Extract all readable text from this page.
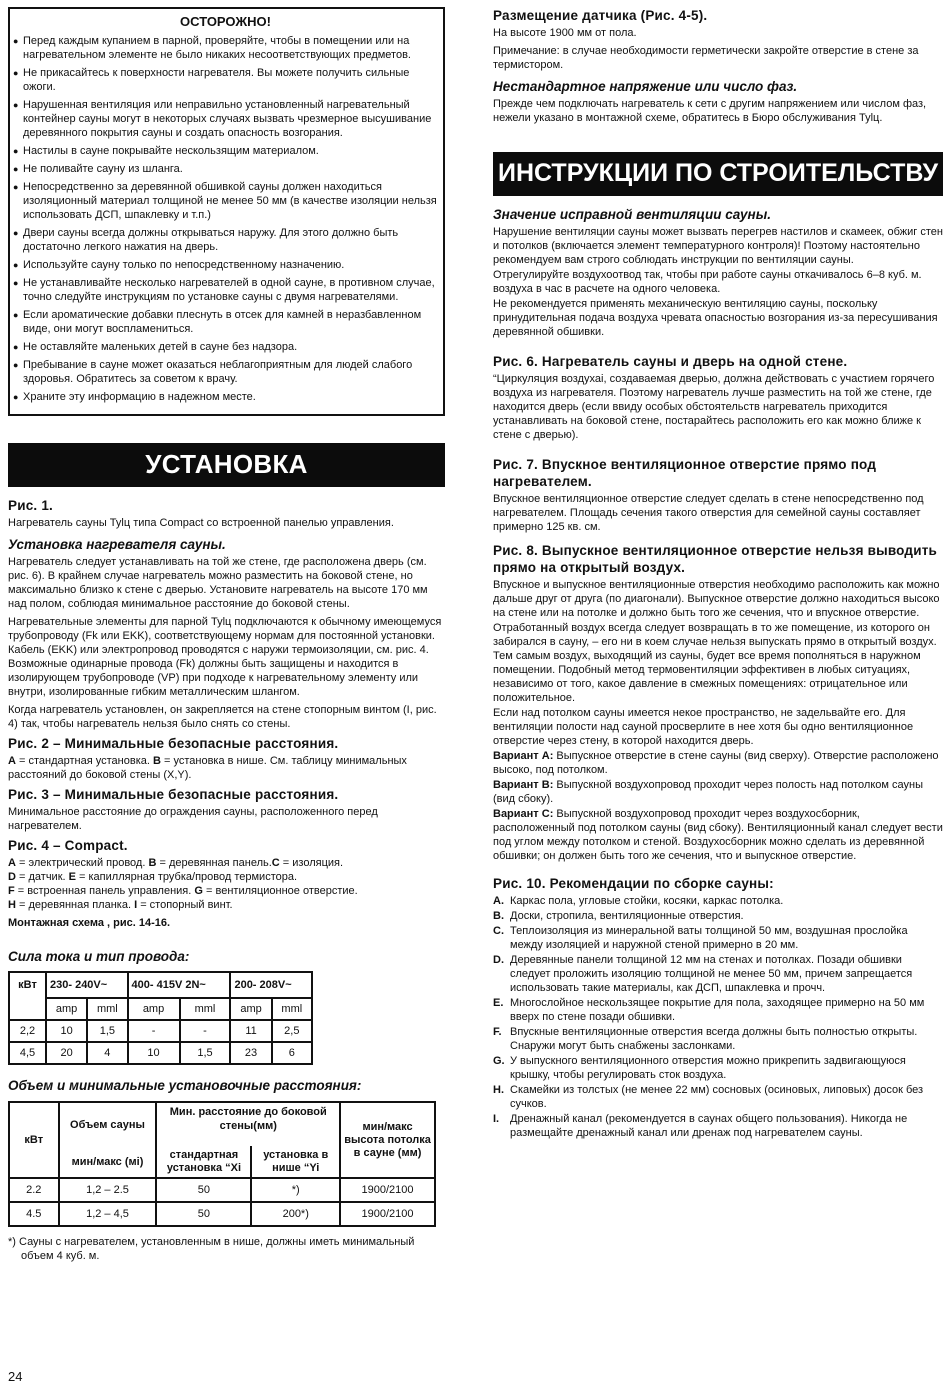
ОСТОРОЖНО!
● Перед каждым купанием в парной, проверяйте, чтобы в помещении или на нагревательном элементе не было никаких несоответствующих предметов.
● Не прикасайтесь к поверхности нагревателя. Вы можете получить сильные ожоги.
● Нарушенная вентиляция или неправильно установленный нагревательный контейнер сауны могут в некоторых случаях вызвать чрезмерное высушивание деревянного покрытия сауны и создать опасность возгорания.
● Настилы в сауне покрывайте нескользящим материалом.
● Не поливайте сауну из шланга.
● Непосредственно за деревянной обшивкой сауны должен находиться изоляционный материал толщиной не менее 50 мм (в качестве изоляции нельзя использовать ДСП, шпаклевку и т.п.)
● Двери сауны всегда должны открываться наружу. Для этого должно быть достаточно легкого нажатия на дверь.
● Используйте сауну только по непосредственному назначению.
● Не устанавливайте несколько нагревателей в одной сауне, в противном случае, точно следуйте инструкциям по установке сауны с двумя нагревателями.
● Если ароматические добавки плеснуть в отсек для камней в неразбавленном виде, они могут воспламениться.
● Не оставляйте маленьких детей в сауне без надзора.
● Пребывание в сауне может оказаться неблагоприятным для людей слабого здоровья. Обратитесь за советом к врачу.
● Храните эту информацию в надежном месте.
УСТАНОВКА
Рис. 1.
Нагреватель сауны Tylц типа Compact со встроенной панелью управления.
Установка нагревателя сауны.
Нагреватель следует устанавливать на той же стене, где расположена дверь (см. рис. 6). В крайнем случае нагреватель можно разместить на боковой стене, но максимально близко к стене с дверью. Установите нагреватель на высоте 170 мм над полом, соблюдая минимальное расстояние до боковой стены.
Нагревательные элементы для парной Tylц подключаются к обычному имеющемуся трубопроводу (Fk или EKK), соответствующему нормам для постоянной установки. Кабель (EKK) или электропровод проводятся с наружи термоизоляции, см. рис. 4. Возможные одинарные провода (Fk) должны быть защищены и находится в изолирующем трубопроводе (VP) при подходе к нагревательному элементу или внутри, изолированные гибким металлическим шлангом.
Когда нагреватель установлен, он закрепляется на стене стопорным винтом (I, рис. 4) так, чтобы нагреватель нельзя было снять со стены.
Рис. 2 – Минимальные безопасные расстояния.
A = стандартная установка. B = установка в нише. См. таблицу минимальных расстояний до боковой стены (X,Y).
Рис. 3 – Минимальные безопасные расстояния.
Минимальное расстояние до ограждения сауны, расположенного перед нагревателем.
Рис. 4 – Compact.
A = электрический провод. B = деревянная панель.C = изоляция.
D = датчик. E = капиллярная трубка/провод термистора.
F = встроенная панель управления. G = вентиляционное отверстие.
H = деревянная планка. I = стопорный винт.
Монтажная схема , рис. 14-16.
Сила тока и тип провода:
кВт	230- 240V~		400- 415V 2N~		200- 208V~	
	amp	mml	amp	mml	amp	mml
2,2	10	1,5	-	-	11	2,5
4,5	20	4	10	1,5	23	6
Объем и минимальные установочные расстояния:
кВт	Объем сауны	Мин. расстояние до боковой стены(мм)		мин/макс высота потолка в сауне (мм)
	мин/макс (мі)	стандартная установка “Xi	установка в нише “Yi	
2.2	1,2 – 2.5	50	*)	1900/2100
4.5	1,2 – 4,5	50	200*)	1900/2100
*) Сауны с нагревателем, установленным в нише, должны иметь минимальный объем 4 куб. м.
Размещение датчика (Рис. 4-5).
На высоте 1900 мм от пола.
Примечание: в случае необходимости герметически закройте отверстие в стене за термистором.
Нестандартное напряжение или число фаз.
Прежде чем подключать нагреватель к сети с другим напряжением или числом фаз, нежели указано в монтажной схеме, обратитесь в Бюро обслуживания Tylц.
ИНСТРУКЦИИ ПО СТРОИТЕЛЬСТВУ
Значение исправной вентиляции сауны.
Нарушение вентиляции сауны может вызвать перегрев настилов и скамеек, обжиг стен и потолков (включается элемент температурного контроля)! Поэтому настоятельно рекомендуем вам строго соблюдать инструкции по вентиляции сауны.
Отрегулируйте воздухоотвод так, чтобы при работе сауны откачивалось 6–8 куб. м. воздуха в час в расчете на одного человека.
Не рекомендуется применять механическую вентиляцию сауны, поскольку принудительная подача воздуха чревата опасностью возгорания из-за пересушивания деревянной обшивки.
Рис. 6. Нагреватель сауны и дверь на одной стене.
“Циркуляция воздухаі, создаваемая дверью, должна действовать с участием горячего воздуха из нагревателя. Поэтому нагреватель лучше разместить на той же стене, где находится дверь (если ввиду особых обстоятельств нагреватель приходится устанавливать на боковой стене, постарайтесь расположить его как можно ближе к стене с дверью).
Рис. 7. Впускное вентиляционное отверстие прямо под нагревателем.
Впускное вентиляционное отверстие следует сделать в стене непосредственно под нагревателем. Площадь сечения такого отверстия для семейной сауны составляет примерно 125 кв. см.
Рис. 8. Выпускное вентиляционное отверстие нельзя выводить прямо на открытый воздух.
Впускное и выпускное вентиляционные отверстия необходимо расположить как можно дальше друг от друга (по диагонали). Выпускное отверстие должно находиться высоко на стене или на потолке и должно быть того же сечения, что и впускное отверстие.
Отработанный воздух всегда следует возвращать в то же помещение, из которого он забирался в сауну, – его ни в коем случае нельзя выпускать прямо в открытый воздух. Тем самым воздух, выходящий из сауны, будет все время пополняться в наружном помещении. Подобный метод термовентиляции эффективен в любых ситуациях, независимо от того, какое давление в смежных помещениях: отрицательное или положительное.
Если над потолком сауны имеется некое пространство, не задельвайте его. Для вентиляции полости над сауной просверлите в нее хотя бы одно вентиляционное отверстие через стену, в которой находится дверь.
Вариант A: Выпускное отверстие в стене сауны (вид сверху). Отверстие расположено высоко, под потолком.
Вариант B: Выпускной воздухопровод проходит через полость над потолком сауны (вид сбоку).
Вариант C: Выпускной воздухопровод проходит через воздухосборник, расположенный под потолком сауны (вид сбоку). Вентиляционный канал следует вести под углом между потолком и стеной. Воздухосборник можно сделать из деревянной обшивки; он должен быть того же сечения, что и выпускное отверстие.
Рис. 10. Рекомендации по сборке сауны:
A. Каркас пола, угловые стойки, косяки, каркас потолка.
B. Доски, стропила, вентиляционные отверстия.
C. Теплоизоляция из минеральной ваты толщиной 50 мм, воздушная прослойка между изоляцией и наружной стеной примерно в 20 мм.
D. Деревянные панели толщиной 12 мм на стенах и потолках. Позади обшивки следует проложить изоляцию толщиной не менее 50 мм, причем запрещается использовать такие материалы, как ДСП, шпаклевка и прочч.
E. Многослойное нескользящее покрытие для пола, заходящее примерно на 50 мм вверх по стене позади обшивки.
F. Впускные вентиляционные отверстия всегда должны быть полностью открыты. Снаружи могут быть снабжены заслонками.
G. У выпускного вентиляционного отверстия можно прикрепить задвигающуюся крышку, чтобы регулировать сток воздуха.
H. Скамейки из толстых (не менее 22 мм) сосновых (осиновых, липовых) досок без сучков.
I. Дренажный канал (рекомендуется в саунах общего пользования). Никогда не размещайте дренажный канал или дренаж под нагревателем сауны.
24
